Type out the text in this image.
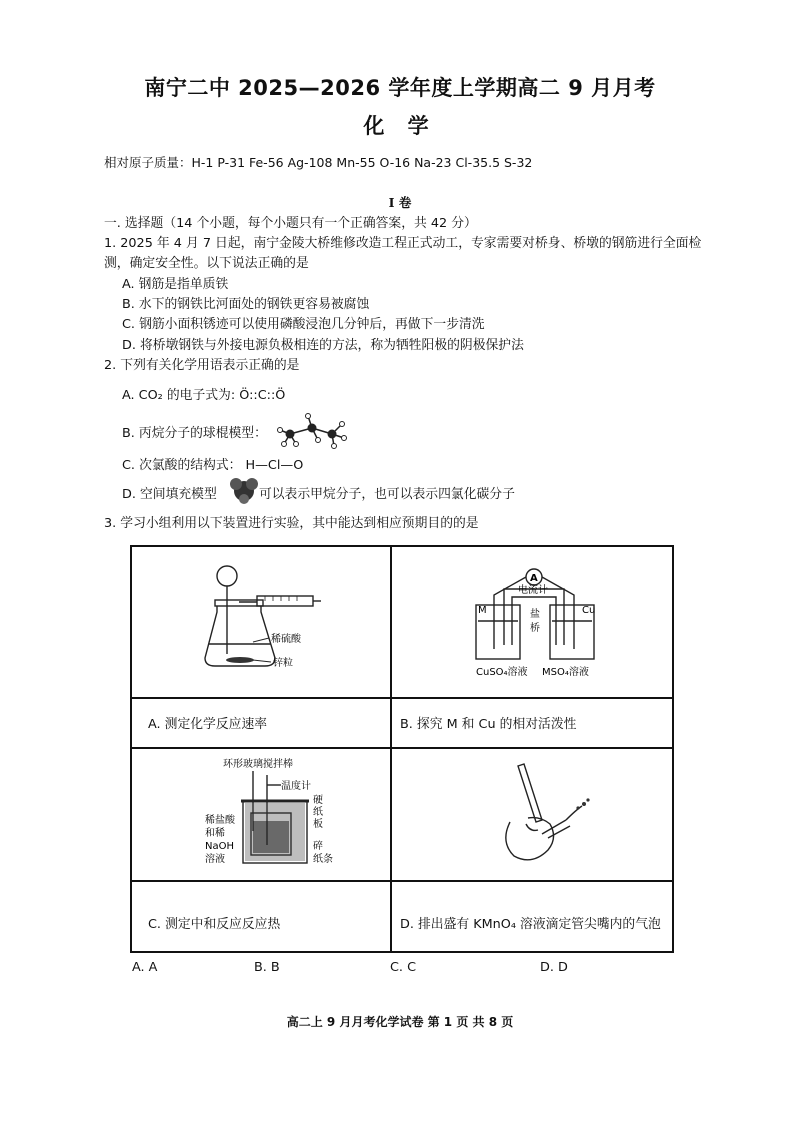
南宁二中 2025—2026 学年度上学期高二 9 月月考
化 学
相对原子质量：H-1 P-31 Fe-56 Ag-108 Mn-55 O-16 Na-23 Cl-35.5 S-32
I 卷
一. 选择题（14 个小题，每个小题只有一个正确答案，共 42 分）
1. 2025 年 4 月 7 日起，南宁金陵大桥维修改造工程正式动工，专家需要对桥身、桥墩的钢筋进行全面检
测，确定安全性。以下说法正确的是
A. 钢筋是指单质铁
B. 水下的钢铁比河面处的钢铁更容易被腐蚀
C. 钢筋小面积锈迹可以使用磷酸浸泡几分钟后，再做下一步清洗
D. 将桥墩钢铁与外接电源负极相连的方法，称为牺牲阳极的阴极保护法
2. 下列有关化学用语表示正确的是
A. CO₂ 的电子式为: Ö::C::Ö
B. 丙烷分子的球棍模型：
C. 次氯酸的结构式： H—Cl—O
D. 空间填充模型	可以表示甲烷分子，也可以表示四氯化碳分子
3. 学习小组利用以下装置进行实验，其中能达到相应预期目的的是
稀硫酸
锌粒
A
电流计
M	Cu
盐
桥
CuSO₄溶液 MSO₄溶液
环形玻璃搅拌棒
温度计
硬
纸
板
稀盐酸
和稀
NaOH
溶液
碎
纸条
A. 测定化学反应速率	B. 探究 M 和 Cu 的相对活泼性
C. 测定中和反应反应热	D. 排出盛有 KMnO₄ 溶液滴定管尖嘴内的气泡
A. A	B. B	C. C	D. D
高二上 9 月月考化学试卷 第 1 页 共 8 页
